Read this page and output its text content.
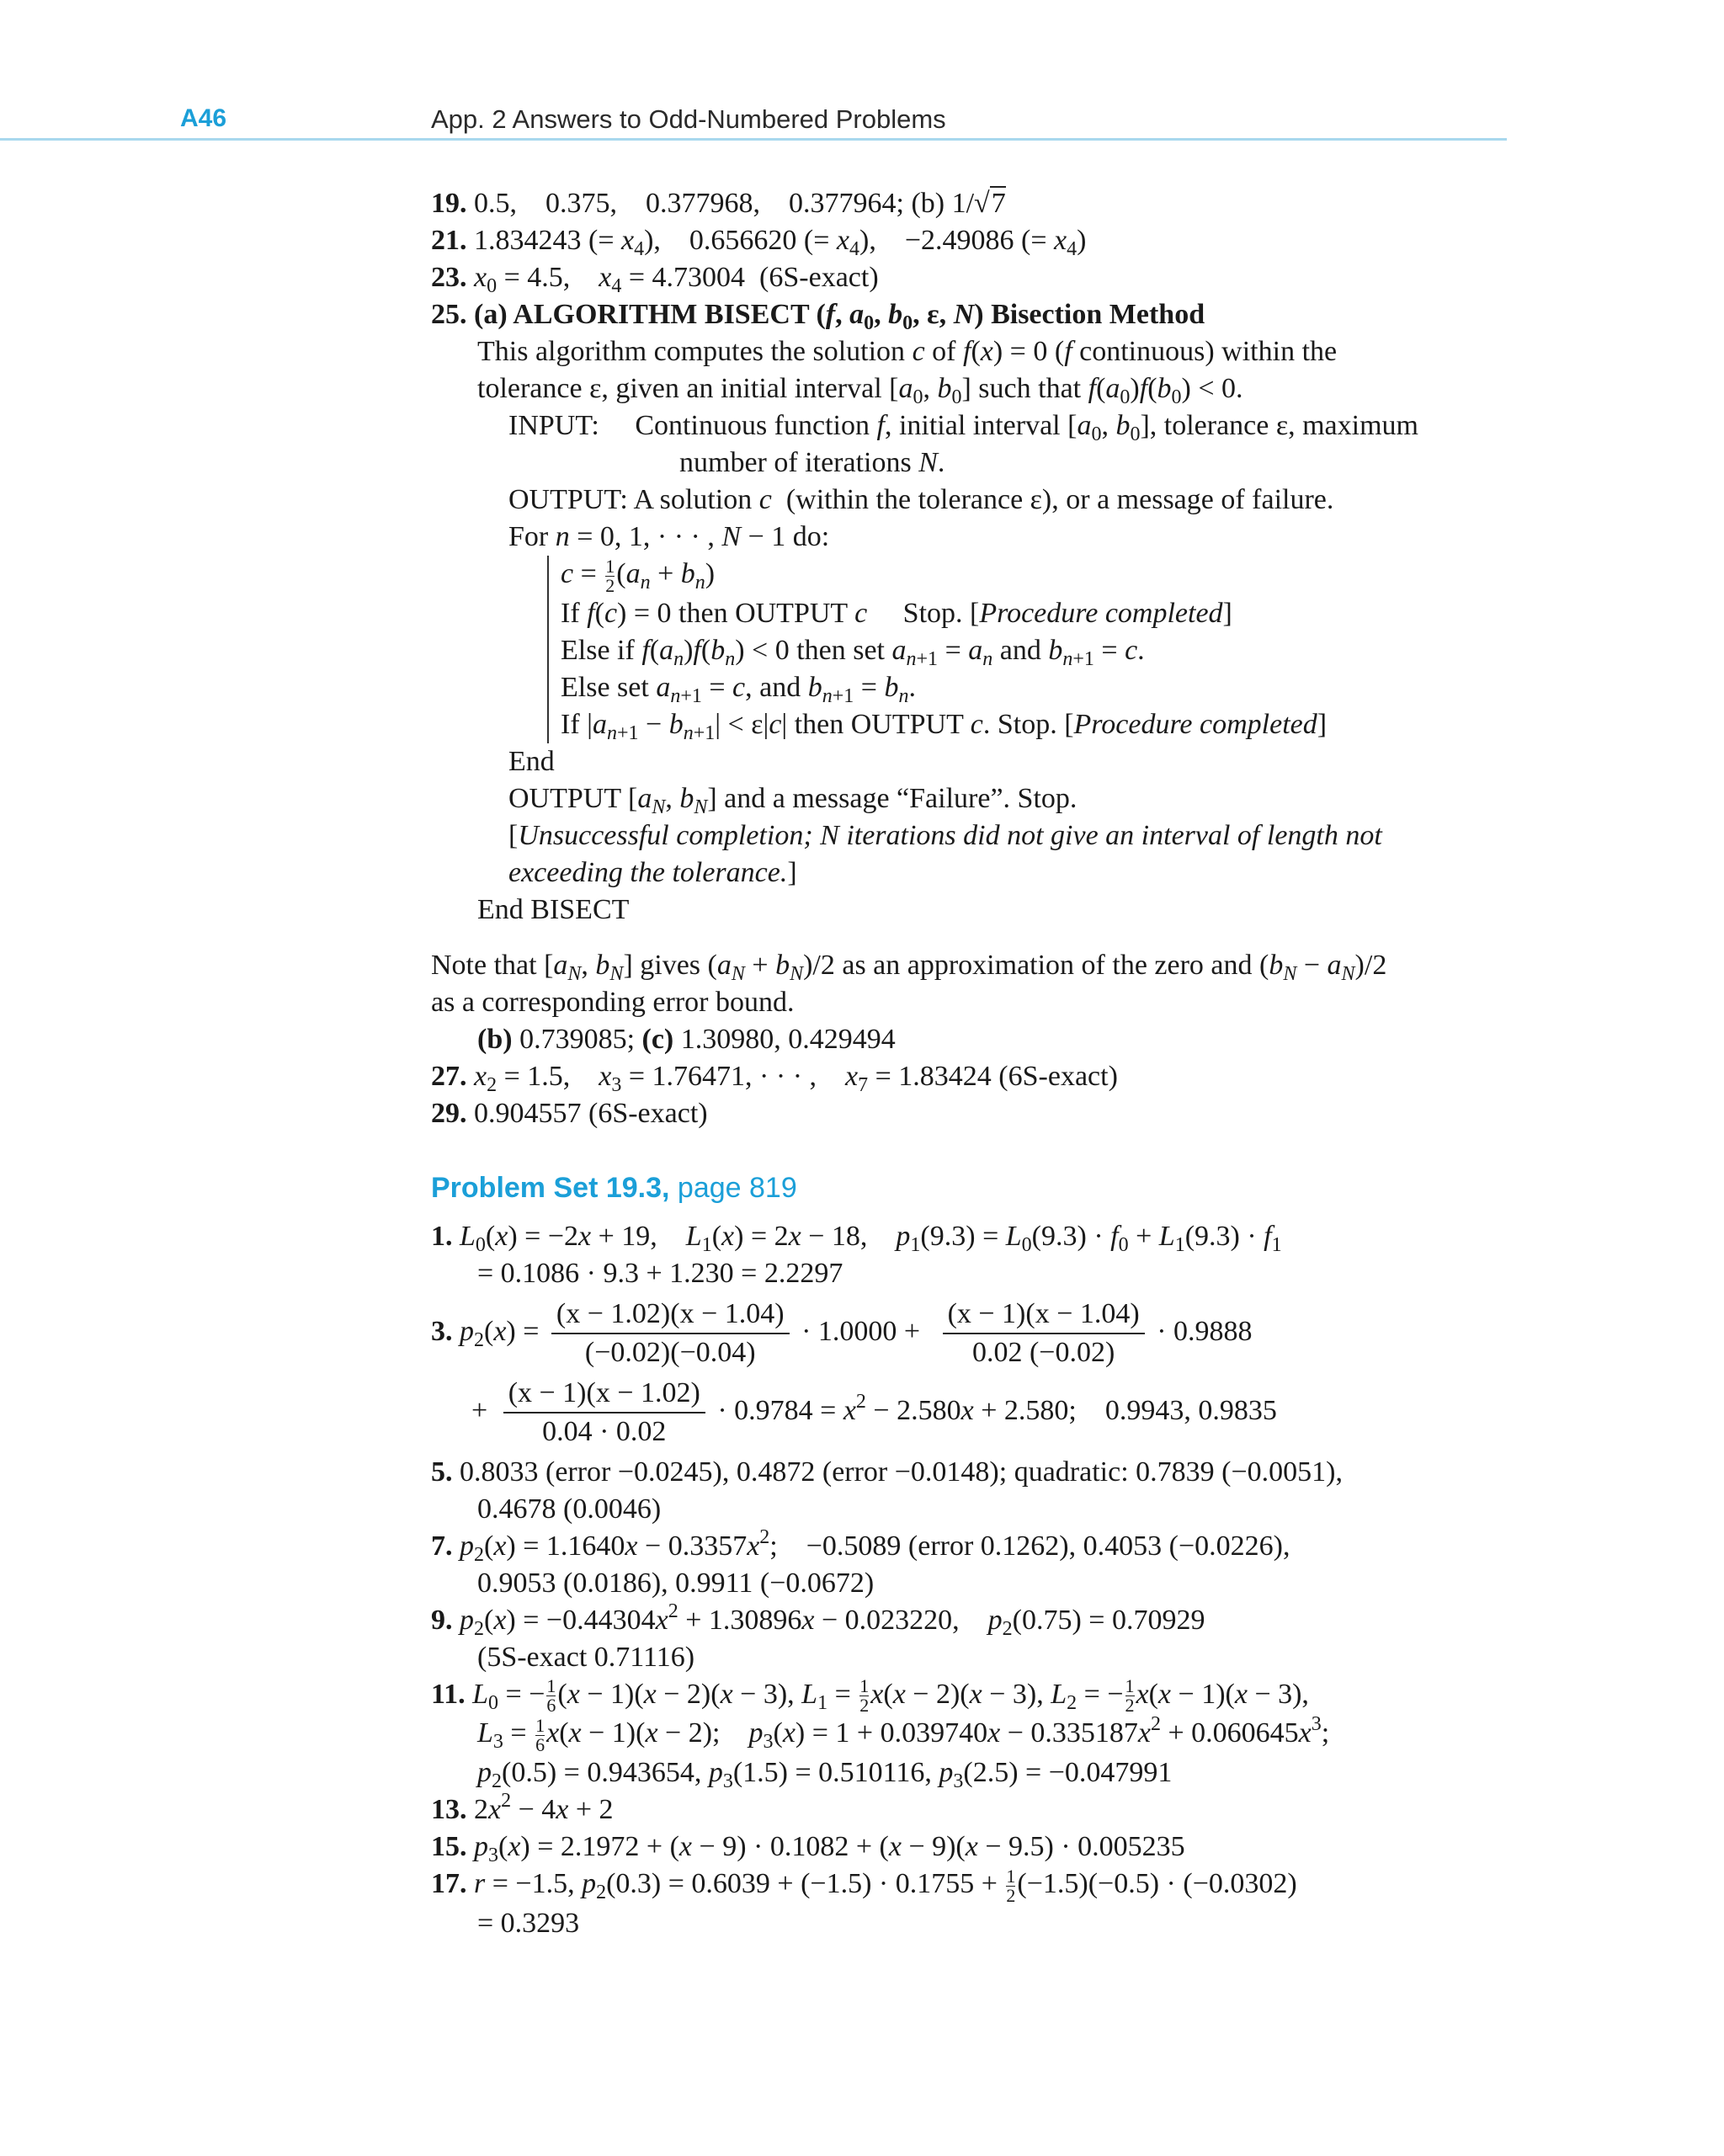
A46	App. 2 Answers to Odd-Numbered Problems
19. 0.5,    0.375,    0.377968,    0.377964; (b) 1/√7
21. 1.834243 (= $x_4$),    0.656620 (= $x_4$),    −2.49086 (= $x_4$)
23. $x_0 = 4.5$,    $x_4 = 4.73004$  (6S-exact)
25. (a) ALGORITHM BISECT (f, $a_0$, $b_0$, ε, N) Bisection Method
This algorithm computes the solution c of f(x) = 0 (f continuous) within the
tolerance ε, given an initial interval [$a_0$, $b_0$] such that $f(a_0)f(b_0) < 0$.
INPUT:     Continuous function f, initial interval [$a_0$, $b_0$], tolerance ε, maximum
number of iterations N.
OUTPUT: A solution c  (within the tolerance ε), or a message of failure.
For n = 0, 1, · · · , N − 1 do:
$c = \frac{1}{2} (a_n + b_n)$
If f(c) = 0 then OUTPUT c     Stop. [Procedure completed]
Else if $f(a_n)f(b_n) < 0$ then set $a_{n+1} = a_n$ and $b_{n+1} = c$.
Else set $a_{n+1} = c$, and $b_{n+1} = b_n$.
If $|a_{n+1} - b_{n+1}| < \varepsilon|c|$ then OUTPUT c. Stop. [Procedure completed]
End
OUTPUT [$a_N$, $b_N$] and a message “Failure”. Stop.
[Unsuccessful completion; N iterations did not give an interval of length not
exceeding the tolerance.]
End BISECT
Note that [$a_N$, $b_N$] gives $(a_N + b_N)/2$ as an approximation of the zero and $(b_N - a_N)/2$
as a corresponding error bound.
(b) 0.739085; (c) 1.30980, 0.429494
27. $x_2 = 1.5$,    $x_3 = 1.76471$, · · · ,    $x_7 = 1.83424$ (6S-exact)
29. 0.904557 (6S-exact)
Problem Set 19.3, page 819
1. $L_0(x) = -2x + 19$,    $L_1(x) = 2x - 18$,    $p_1(9.3) = L_0(9.3) \cdot f_0 + L_1(9.3) \cdot f_1$
= 0.1086 · 9.3 + 1.230 = 2.2297
3. $p_2(x) = \frac{(x - 1.02)(x - 1.04)}{(-0.02)(-0.04)} \cdot 1.0000 + \frac{(x - 1)(x - 1.04)}{0.02 (-0.02)} \cdot 0.9888$
+ $\frac{(x - 1)(x - 1.02)}{0.04 \cdot 0.02} \cdot 0.9784 = x^2 - 2.580x + 2.580$;    0.9943, 0.9835
5. 0.8033 (error −0.0245), 0.4872 (error −0.0148); quadratic: 0.7839 (−0.0051),
0.4678 (0.0046)
7. $p_2(x) = 1.1640x - 0.3357x^2$;    −0.5089 (error 0.1262), 0.4053 (−0.0226),
0.9053 (0.0186), 0.9911 (−0.0672)
9. $p_2(x) = -0.44304x^2 + 1.30896x - 0.023220$,    $p_2(0.75) = 0.70929$
(5S-exact 0.71116)
11. $L_0$ = − $\frac{1}{6} (x - 1)(x - 2)(x - 3)$, $L_1 = \frac{1}{2} x(x - 2)(x - 3)$, $L_2$ = − $\frac{1}{2} x(x - 1)(x - 3)$,
$L_3 = \frac{1}{6} x(x - 1)(x - 2)$;    $p_3(x) = 1 + 0.039740x - 0.335187x^2 + 0.060645x^3$;
$p_2(0.5) = 0.943654$, $p_3(1.5) = 0.510116$, $p_3(2.5) = -0.047991$
13. $2x^2 - 4x + 2$
15. $p_3(x) = 2.1972 + (x - 9) \cdot 0.1082 + (x - 9)(x - 9.5) \cdot 0.005235$
17. r = −1.5, $p_2(0.3) = 0.6039 + (-1.5) \cdot 0.1755 + \frac{1}{2} (-1.5)(-0.5) \cdot (-0.0302)$
= 0.3293
